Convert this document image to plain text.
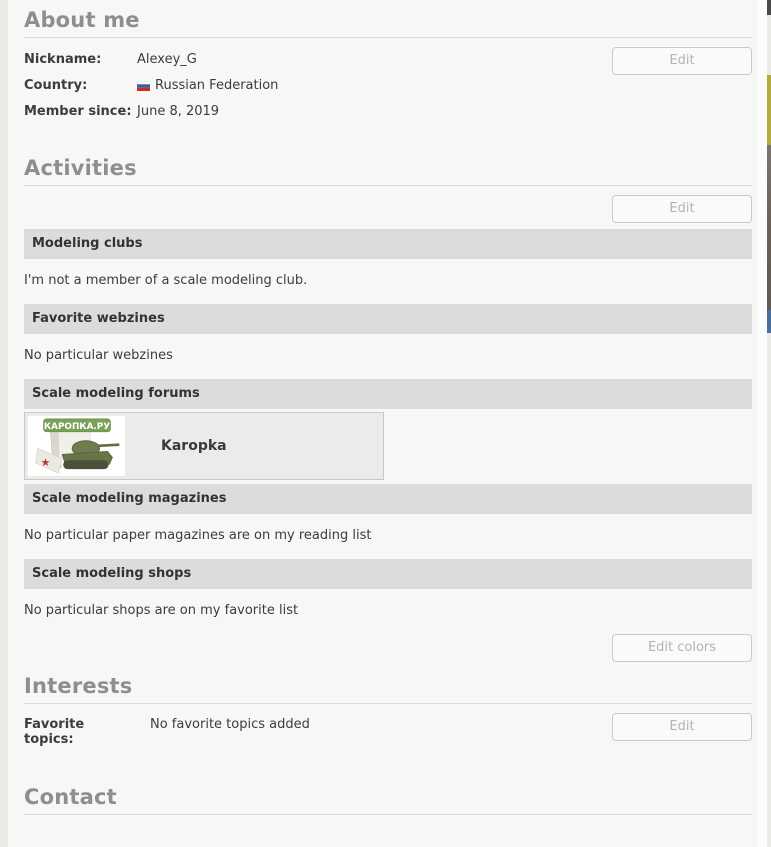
About me
Edit
Nickname:	Alexey_G
Country:	Russian Federation
Member since: June 8, 2019
Activities
Edit
Modeling clubs

I'm not a member of a scale modeling club.

Favorite webzines

No particular webzines

Scale modeling forums
★
КАРОПКА.РУ
Karopka
Scale modeling magazines

No particular paper magazines are on my reading list

Scale modeling shops

No particular shops are on my favorite list

Edit colors
Interests
Edit
Favorite topics:
No favorite topics added
Contact
